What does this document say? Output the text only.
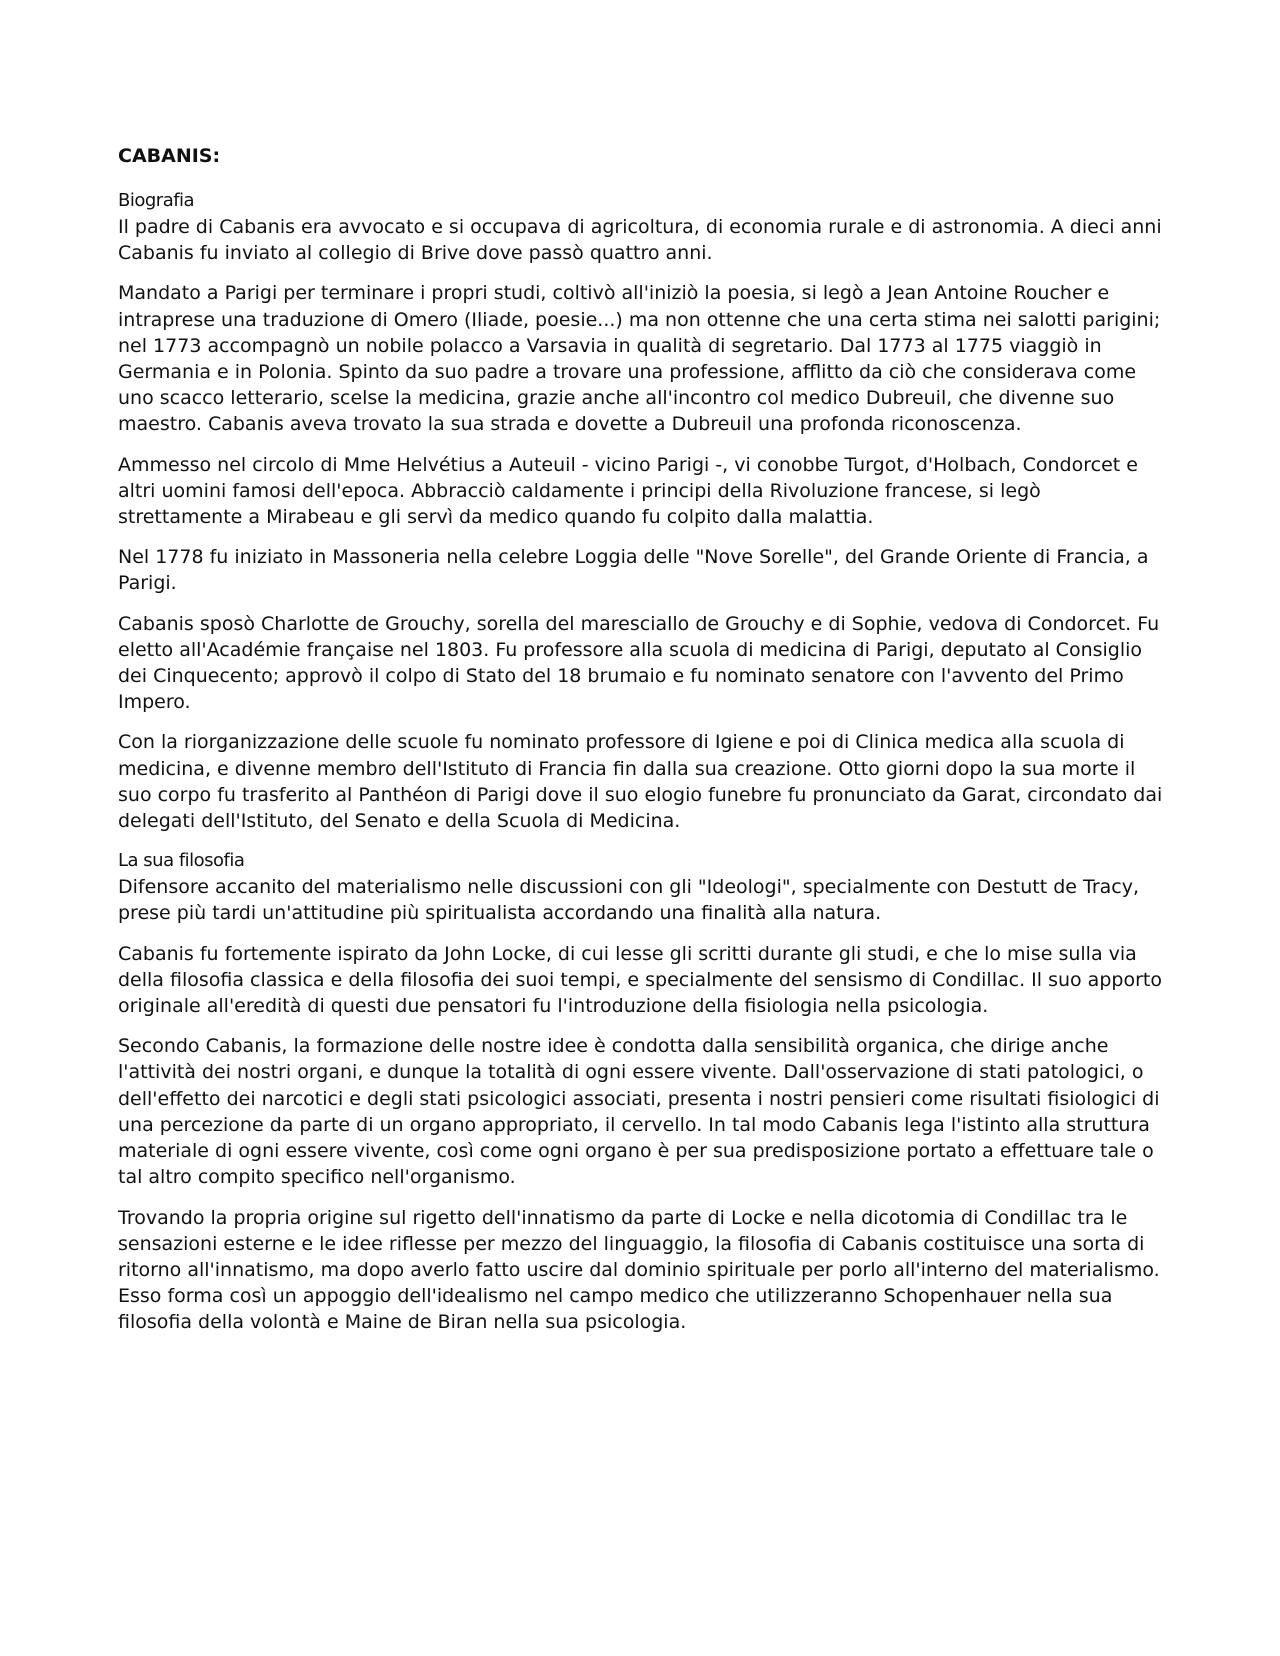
CABANIS:
Biografia

Il padre di Cabanis era avvocato e si occupava di agricoltura, di economia rurale e di astronomia. A dieci anni Cabanis fu inviato al collegio di Brive dove passò quattro anni.

Mandato a Parigi per terminare i propri studi, coltivò all'iniziò la poesia, si legò a Jean Antoine Roucher e intraprese una traduzione di Omero (Iliade, poesie...) ma non ottenne che una certa stima nei salotti parigini; nel 1773 accompagnò un nobile polacco a Varsavia in qualità di segretario. Dal 1773 al 1775 viaggiò in Germania e in Polonia. Spinto da suo padre a trovare una professione, afflitto da ciò che considerava come uno scacco letterario, scelse la medicina, grazie anche all'incontro col medico Dubreuil, che divenne suo maestro. Cabanis aveva trovato la sua strada e dovette a Dubreuil una profonda riconoscenza.

Ammesso nel circolo di Mme Helvétius a Auteuil - vicino Parigi -, vi conobbe Turgot, d'Holbach, Condorcet e altri uomini famosi dell'epoca. Abbracciò caldamente i principi della Rivoluzione francese, si legò strettamente a Mirabeau e gli servì da medico quando fu colpito dalla malattia.

Nel 1778 fu iniziato in Massoneria nella celebre Loggia delle "Nove Sorelle", del Grande Oriente di Francia, a Parigi.

Cabanis sposò Charlotte de Grouchy, sorella del maresciallo de Grouchy e di Sophie, vedova di Condorcet. Fu eletto all'Académie française nel 1803. Fu professore alla scuola di medicina di Parigi, deputato al Consiglio dei Cinquecento; approvò il colpo di Stato del 18 brumaio e fu nominato senatore con l'avvento del Primo Impero.

Con la riorganizzazione delle scuole fu nominato professore di Igiene e poi di Clinica medica alla scuola di medicina, e divenne membro dell'Istituto di Francia fin dalla sua creazione. Otto giorni dopo la sua morte il suo corpo fu trasferito al Panthéon di Parigi dove il suo elogio funebre fu pronunciato da Garat, circondato dai delegati dell'Istituto, del Senato e della Scuola di Medicina.

La sua filosofia

Difensore accanito del materialismo nelle discussioni con gli "Ideologi", specialmente con Destutt de Tracy, prese più tardi un'attitudine più spiritualista accordando una finalità alla natura.

Cabanis fu fortemente ispirato da John Locke, di cui lesse gli scritti durante gli studi, e che lo mise sulla via della filosofia classica e della filosofia dei suoi tempi, e specialmente del sensismo di Condillac. Il suo apporto originale all'eredità di questi due pensatori fu l'introduzione della fisiologia nella psicologia.

Secondo Cabanis, la formazione delle nostre idee è condotta dalla sensibilità organica, che dirige anche l'attività dei nostri organi, e dunque la totalità di ogni essere vivente. Dall'osservazione di stati patologici, o dell'effetto dei narcotici e degli stati psicologici associati, presenta i nostri pensieri come risultati fisiologici di una percezione da parte di un organo appropriato, il cervello. In tal modo Cabanis lega l'istinto alla struttura materiale di ogni essere vivente, così come ogni organo è per sua predisposizione portato a effettuare tale o tal altro compito specifico nell'organismo.

Trovando la propria origine sul rigetto dell'innatismo da parte di Locke e nella dicotomia di Condillac tra le sensazioni esterne e le idee riflesse per mezzo del linguaggio, la filosofia di Cabanis costituisce una sorta di ritorno all'innatismo, ma dopo averlo fatto uscire dal dominio spirituale per porlo all'interno del materialismo. Esso forma così un appoggio dell'idealismo nel campo medico che utilizzeranno Schopenhauer nella sua filosofia della volontà e Maine de Biran nella sua psicologia.
